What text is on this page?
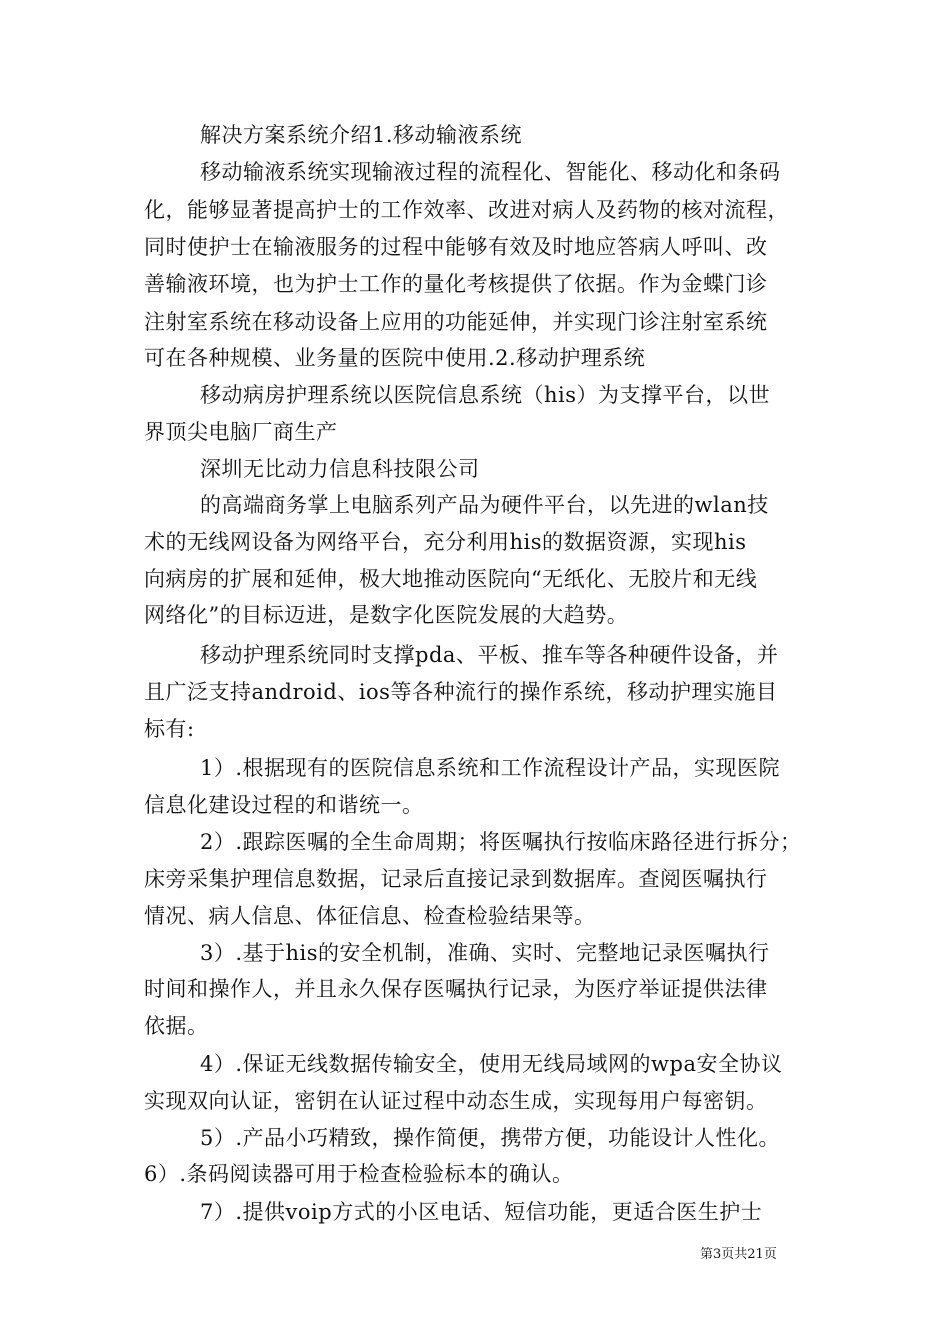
解决方案系统介绍1.移动输液系统
移动输液系统实现输液过程的流程化、智能化、移动化和条码
化，能够显著提高护士的工作效率、改进对病人及药物的核对流程，
同时使护士在输液服务的过程中能够有效及时地应答病人呼叫、改
善输液环境，也为护士工作的量化考核提供了依据。作为金蝶门诊
注射室系统在移动设备上应用的功能延伸，并实现门诊注射室系统
可在各种规模、业务量的医院中使用.2.移动护理系统
移动病房护理系统以医院信息系统（his）为支撑平台，以世
界顶尖电脑厂商生产
深圳无比动力信息科技限公司
的高端商务掌上电脑系列产品为硬件平台，以先进的wlan技
术的无线网设备为网络平台，充分利用his的数据资源，实现his
向病房的扩展和延伸，极大地推动医院向“无纸化、无胶片和无线
网络化”的目标迈进，是数字化医院发展的大趋势。
移动护理系统同时支撑pda、平板、推车等各种硬件设备，并
且广泛支持android、ios等各种流行的操作系统，移动护理实施目
标有:
1）.根据现有的医院信息系统和工作流程设计产品，实现医院
信息化建设过程的和谐统一。
2）.跟踪医嘱的全生命周期；将医嘱执行按临床路径进行拆分；
床旁采集护理信息数据，记录后直接记录到数据库。查阅医嘱执行
情况、病人信息、体征信息、检查检验结果等。
3）.基于his的安全机制，准确、实时、完整地记录医嘱执行
时间和操作人，并且永久保存医嘱执行记录，为医疗举证提供法律
依据。
4）.保证无线数据传输安全，使用无线局域网的wpa安全协议
实现双向认证，密钥在认证过程中动态生成，实现每用户每密钥。
5）.产品小巧精致，操作简便，携带方便，功能设计人性化。
6）.条码阅读器可用于检查检验标本的确认。
7）.提供voip方式的小区电话、短信功能，更适合医生护士
第3页共21页
